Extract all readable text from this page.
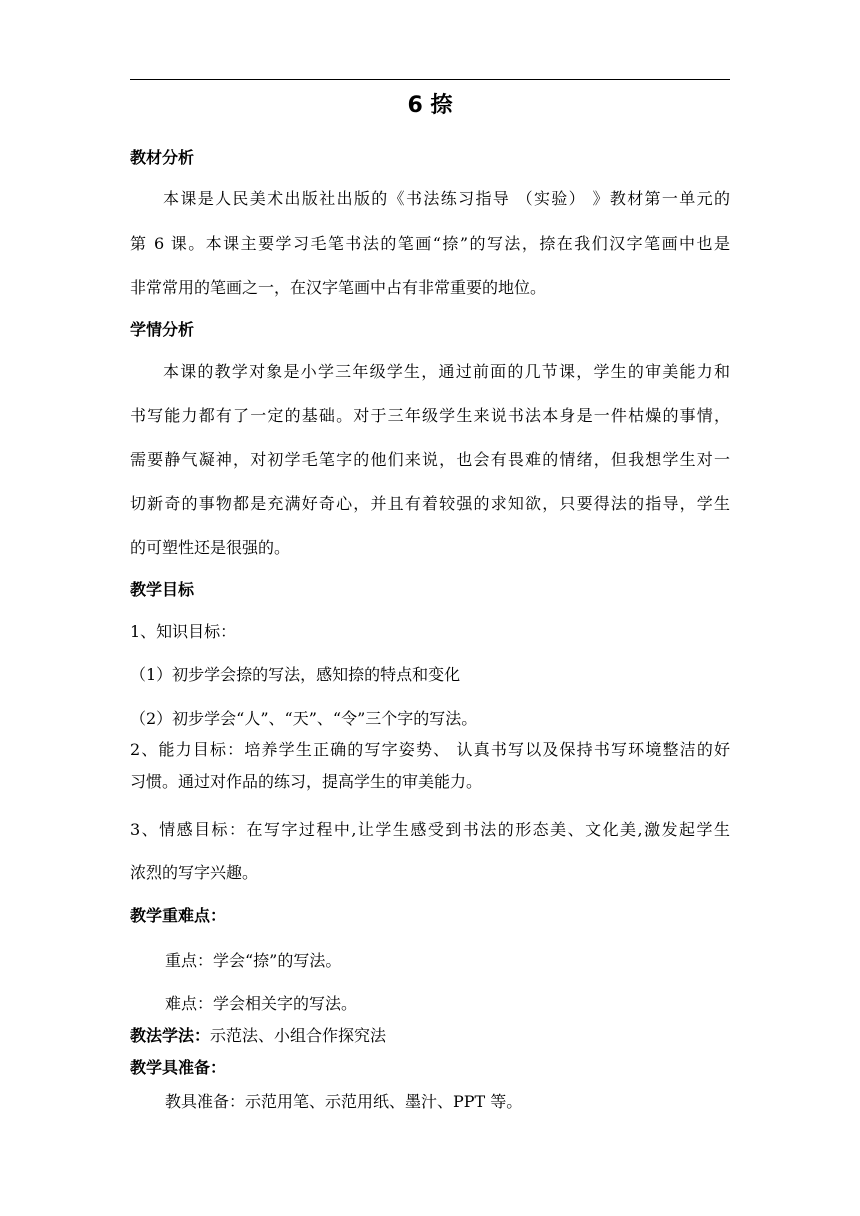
6 捺
教材分析
本课是人民美术出版社出版的《书法练习指导 （实验） 》教材第一单元的
第 6 课。本课主要学习毛笔书法的笔画“捺”的写法，捺在我们汉字笔画中也是
非常常用的笔画之一，在汉字笔画中占有非常重要的地位。
学情分析
本课的教学对象是小学三年级学生，通过前面的几节课，学生的审美能力和
书写能力都有了一定的基础。对于三年级学生来说书法本身是一件枯燥的事情，
需要静气凝神，对初学毛笔字的他们来说，也会有畏难的情绪，但我想学生对一
切新奇的事物都是充满好奇心，并且有着较强的求知欲，只要得法的指导，学生
的可塑性还是很强的。
教学目标
1、知识目标：
（1）初步学会捺的写法，感知捺的特点和变化
（2）初步学会“人”、“天”、“令”三个字的写法。
2、能力目标：培养学生正确的写字姿势、 认真书写以及保持书写环境整洁的好
习惯。通过对作品的练习，提高学生的审美能力。
3、情感目标：在写字过程中,让学生感受到书法的形态美、文化美,激发起学生
浓烈的写字兴趣。
教学重难点：
重点：学会“捺”的写法。
难点：学会相关字的写法。
教法学法：示范法、小组合作探究法
教学具准备：
教具准备：示范用笔、示范用纸、墨汁、PPT 等。
